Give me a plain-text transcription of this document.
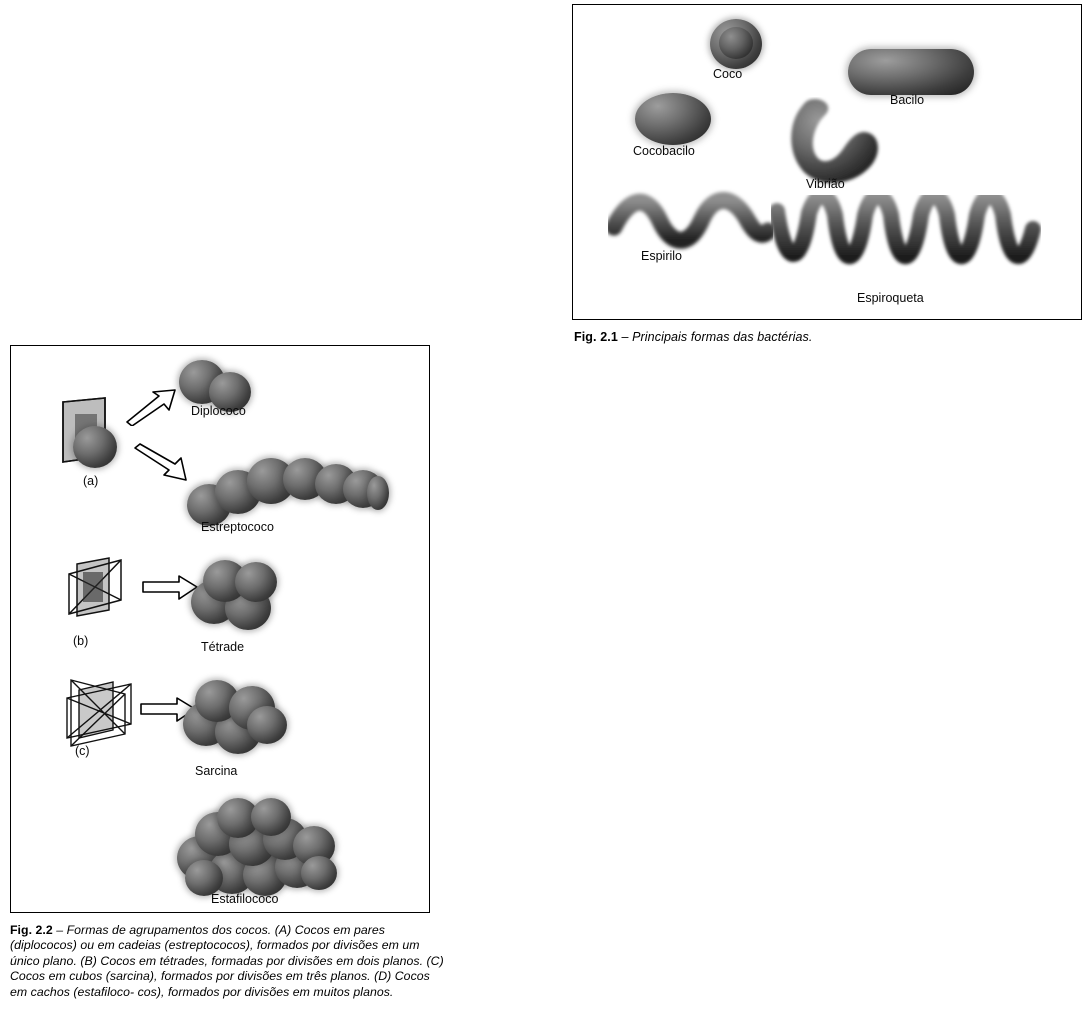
Coco
Bacilo
Cocobacilo
Vibrião
Espirilo
Espiroqueta
Fig. 2.1 – Principais formas das bactérias.
(a)
Diplococo
Estreptococo
(b)	Tétrade
(c)
Sarcina
Estafilococo
Fig. 2.2 – Formas de agrupamentos dos cocos. (A) Cocos em pares (diplococos) ou em cadeias (estreptococos), formados por divisões em um único plano. (B) Cocos em tétrades, formadas por divisões em dois planos. (C) Cocos em cubos (sarcina), formados por divisões em três planos. (D) Cocos em cachos (estafiloco- cos), formados por divisões em muitos planos.
